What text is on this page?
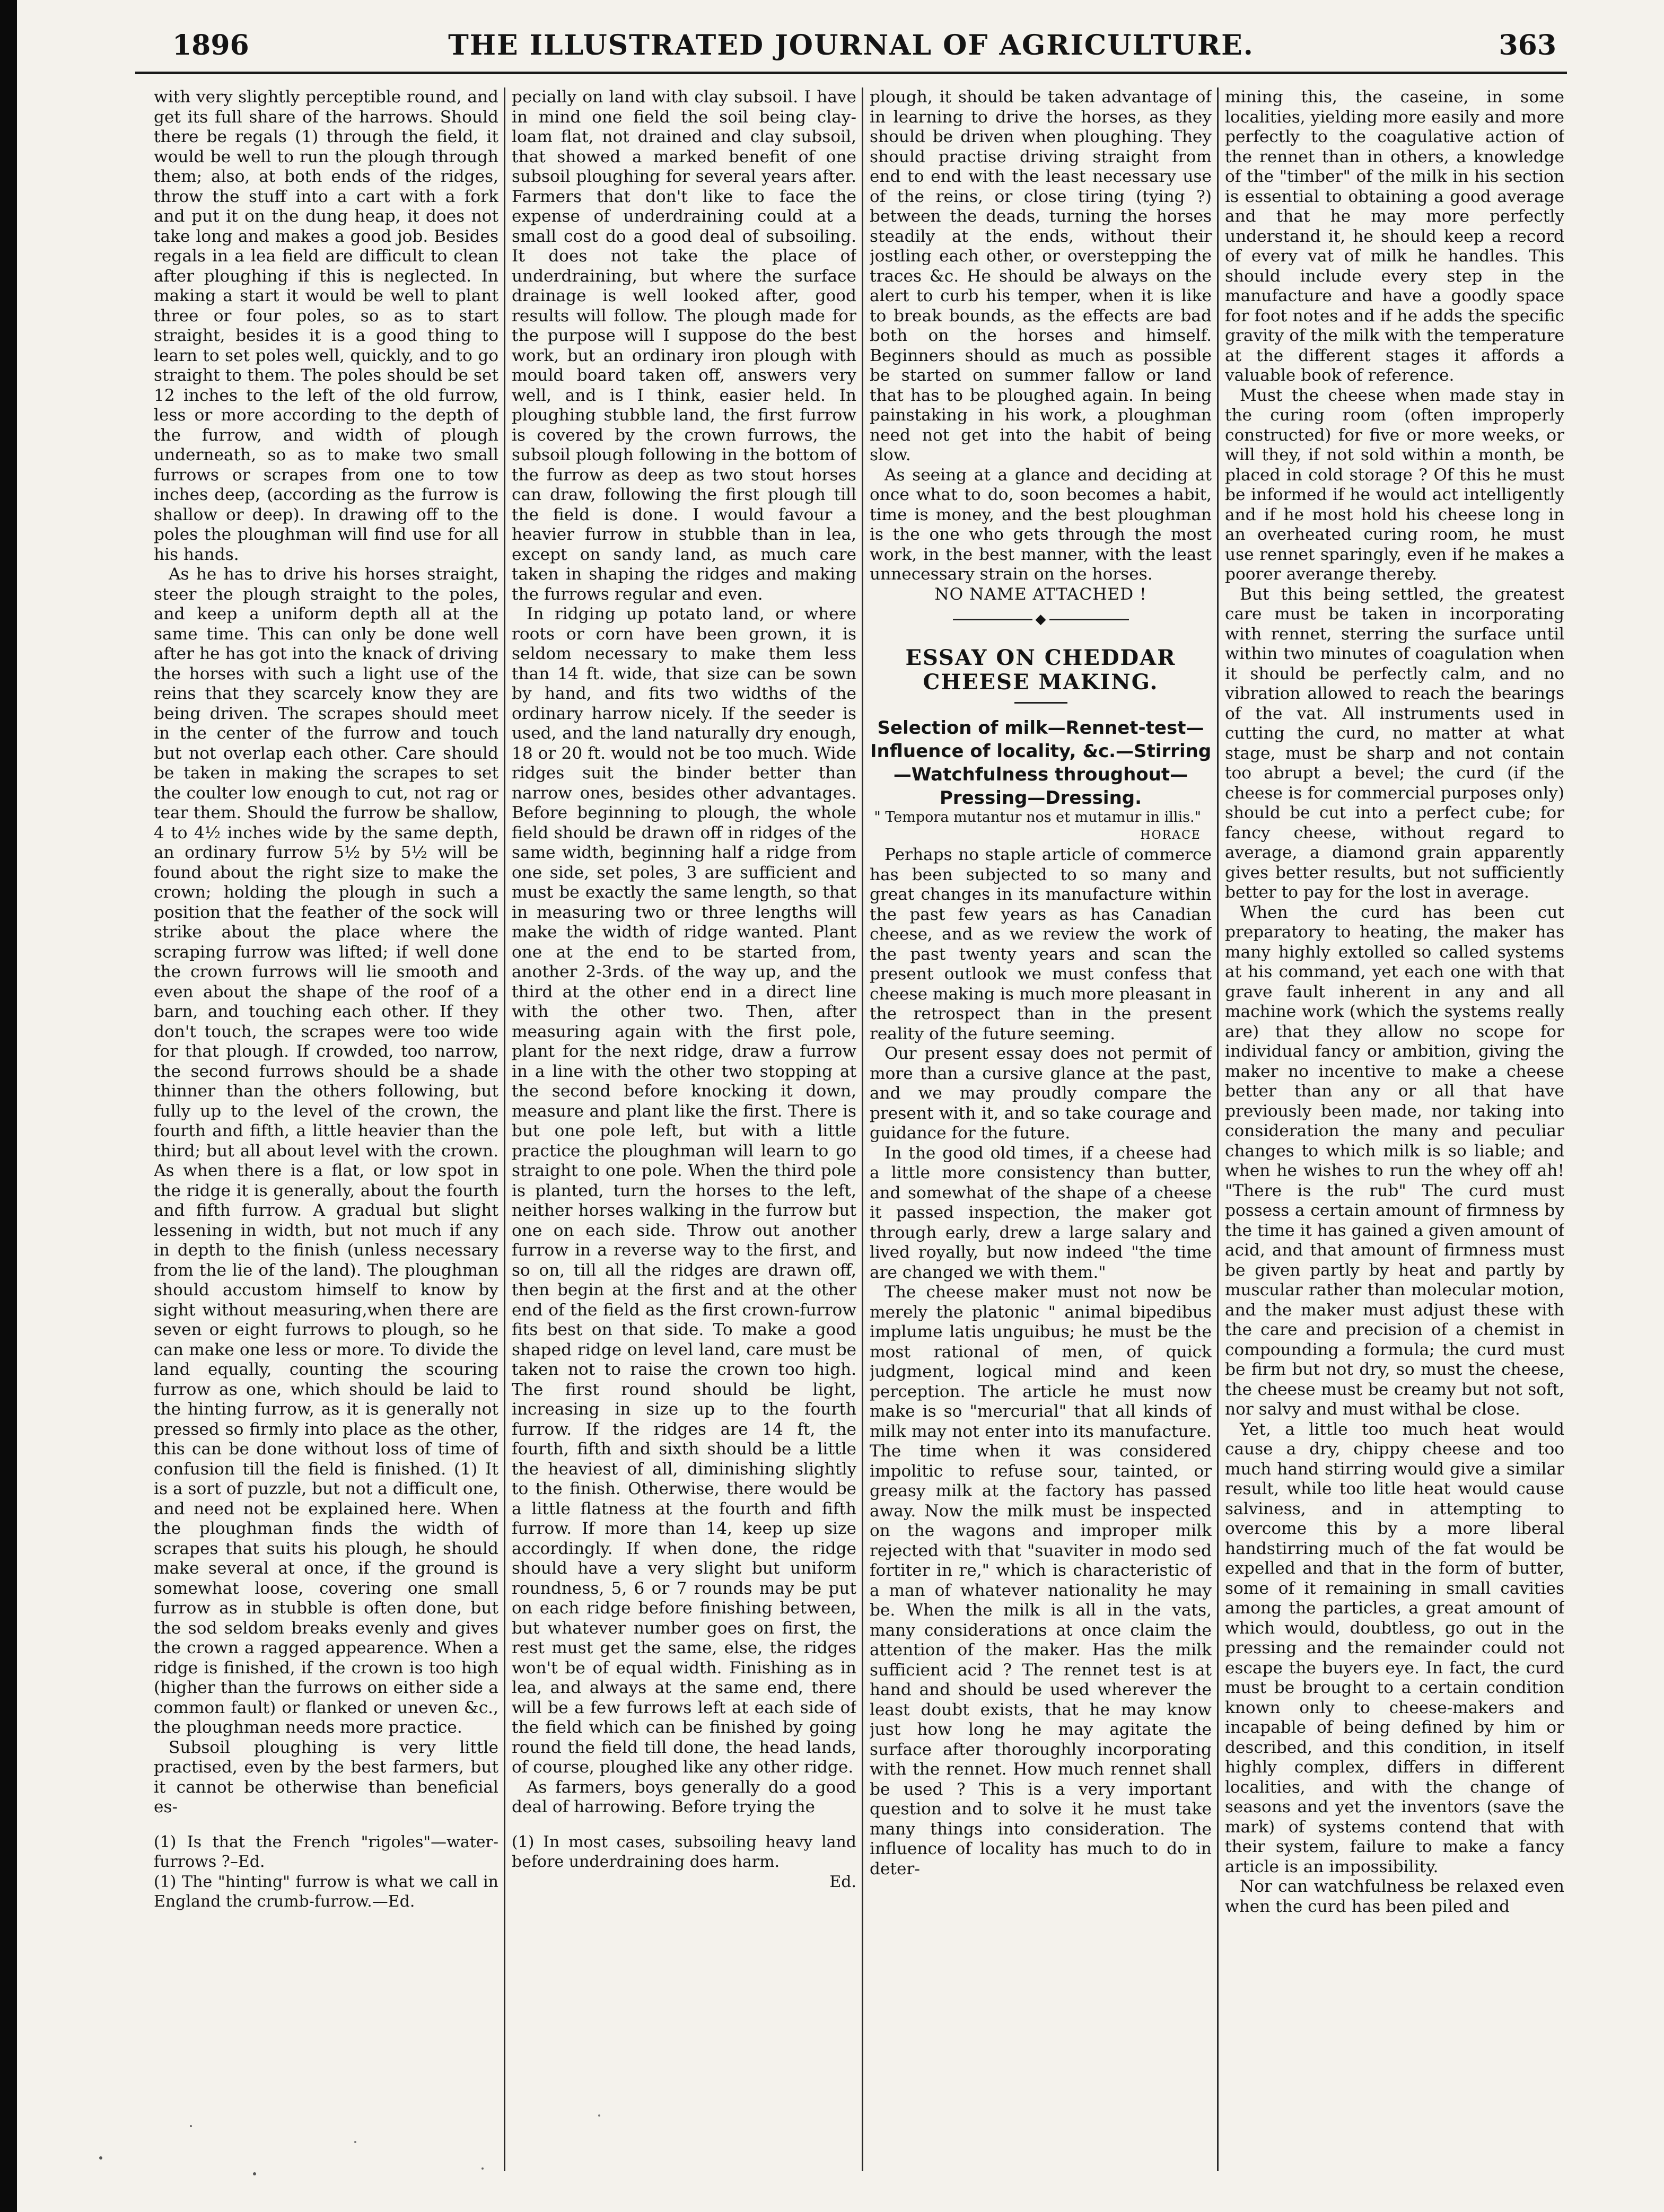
1896	THE ILLUSTRATED JOURNAL OF AGRICULTURE.	363

with very slightly perceptible round, and get its full share of the harrows. Should there be regals (1) through the field, it would be well to run the plough through them; also, at both ends of the ridges, throw the stuff into a cart with a fork and put it on the dung heap, it does not take long and makes a good job. Besides regals in a lea field are difficult to clean after ploughing if this is neglected. In making a start it would be well to plant three or four poles, so as to start straight, besides it is a good thing to learn to set poles well, quickly, and to go straight to them. The poles should be set 12 inches to the left of the old furrow, less or more according to the depth of the furrow, and width of plough underneath, so as to make two small furrows or scrapes from one to tow inches deep, (according as the furrow is shallow or deep). In drawing off to the poles the ploughman will find use for all his hands.

As he has to drive his horses straight, steer the plough straight to the poles, and keep a uniform depth all at the same time. This can only be done well after he has got into the knack of driving the horses with such a light use of the reins that they scarcely know they are being driven. The scrapes should meet in the center of the furrow and touch but not overlap each other. Care should be taken in making the scrapes to set the coulter low enough to cut, not rag or tear them. Should the furrow be shallow, 4 to 4½ inches wide by the same depth, an ordinary furrow 5½ by 5½ will be found about the right size to make the crown; holding the plough in such a position that the feather of the sock will strike about the place where the scraping furrow was lifted; if well done the crown furrows will lie smooth and even about the shape of the roof of a barn, and touching each other. If they don't touch, the scrapes were too wide for that plough. If crowded, too narrow, the second furrows should be a shade thinner than the others following, but fully up to the level of the crown, the fourth and fifth, a little heavier than the third; but all about level with the crown. As when there is a flat, or low spot in the ridge it is generally, about the fourth and fifth furrow. A gradual but slight lessening in width, but not much if any in depth to the finish (unless necessary from the lie of the land). The ploughman should accustom himself to know by sight without measuring,when there are seven or eight furrows to plough, so he can make one less or more. To divide the land equally, counting the scouring furrow as one, which should be laid to the hinting furrow, as it is generally not pressed so firmly into place as the other, this can be done without loss of time of confusion till the field is finished. (1) It is a sort of puzzle, but not a difficult one, and need not be explained here. When the ploughman finds the width of scrapes that suits his plough, he should make several at once, if the ground is somewhat loose, covering one small furrow as in stubble is often done, but the sod seldom breaks evenly and gives the crown a ragged appearence. When a ridge is finished, if the crown is too high (higher than the furrows on either side a common fault) or flanked or uneven &c., the ploughman needs more practice.

Subsoil ploughing is very little practised, even by the best farmers, but it cannot be otherwise than beneficial es-

(1) Is that the French "rigoles"—water-furrows ?–Ed.

(1) The "hinting" furrow is what we call in England the crumb-furrow.—Ed.

pecially on land with clay subsoil. I have in mind one field the soil being clay-loam flat, not drained and clay subsoil, that showed a marked benefit of one subsoil ploughing for several years after. Farmers that don't like to face the expense of underdraining could at a small cost do a good deal of subsoiling. It does not take the place of underdraining, but where the surface drainage is well looked after, good results will follow. The plough made for the purpose will I suppose do the best work, but an ordinary iron plough with mould board taken off, answers very well, and is I think, easier held. In ploughing stubble land, the first furrow is covered by the crown furrows, the subsoil plough following in the bottom of the furrow as deep as two stout horses can draw, following the first plough till the field is done. I would favour a heavier furrow in stubble than in lea, except on sandy land, as much care taken in shaping the ridges and making the furrows regular and even.

In ridging up potato land, or where roots or corn have been grown, it is seldom necessary to make them less than 14 ft. wide, that size can be sown by hand, and fits two widths of the ordinary harrow nicely. If the seeder is used, and the land naturally dry enough, 18 or 20 ft. would not be too much. Wide ridges suit the binder better than narrow ones, besides other advantages. Before beginning to plough, the whole field should be drawn off in ridges of the same width, beginning half a ridge from one side, set poles, 3 are sufficient and must be exactly the same length, so that in measuring two or three lengths will make the width of ridge wanted. Plant one at the end to be started from, another 2-3rds. of the way up, and the third at the other end in a direct line with the other two. Then, after measuring again with the first pole, plant for the next ridge, draw a furrow in a line with the other two stopping at the second before knocking it down, measure and plant like the first. There is but one pole left, but with a little practice the ploughman will learn to go straight to one pole. When the third pole is planted, turn the horses to the left, neither horses walking in the furrow but one on each side. Throw out another furrow in a reverse way to the first, and so on, till all the ridges are drawn off, then begin at the first and at the other end of the field as the first crown-furrow fits best on that side. To make a good shaped ridge on level land, care must be taken not to raise the crown too high. The first round should be light, increasing in size up to the fourth furrow. If the ridges are 14 ft, the fourth, fifth and sixth should be a little the heaviest of all, diminishing slightly to the finish. Otherwise, there would be a little flatness at the fourth and fifth furrow. If more than 14, keep up size accordingly. If when done, the ridge should have a very slight but uniform roundness, 5, 6 or 7 rounds may be put on each ridge before finishing between, but whatever number goes on first, the rest must get the same, else, the ridges won't be of equal width. Finishing as in lea, and always at the same end, there will be a few furrows left at each side of the field which can be finished by going round the field till done, the head lands, of course, ploughed like any other ridge.

As farmers, boys generally do a good deal of harrowing. Before trying the

(1) In most cases, subsoiling heavy land before underdraining does harm.

Ed.

plough, it should be taken advantage of in learning to drive the horses, as they should be driven when ploughing. They should practise driving straight from end to end with the least necessary use of the reins, or close tiring (tying ?) between the deads, turning the horses steadily at the ends, without their jostling each other, or overstepping the traces &c. He should be always on the alert to curb his temper, when it is like to break bounds, as the effects are bad both on the horses and himself. Beginners should as much as possible be started on summer fallow or land that has to be ploughed again. In being painstaking in his work, a ploughman need not get into the habit of being slow.

As seeing at a glance and deciding at once what to do, soon becomes a habit, time is money, and the best ploughman is the one who gets through the most work, in the best manner, with the least unnecessary strain on the horses.

NO NAME ATTACHED !

◆

ESSAY ON CHEDDAR CHEESE MAKING.

Selection of milk—Rennet-test—Influence of locality, &c.—Stirring—Watchfulness throughout—Pressing—Dressing.

" Tempora mutantur nos et mutamur in illis."

HORACE

Perhaps no staple article of commerce has been subjected to so many and great changes in its manufacture within the past few years as has Canadian cheese, and as we review the work of the past twenty years and scan the present outlook we must confess that cheese making is much more pleasant in the retrospect than in the present reality of the future seeming.

Our present essay does not permit of more than a cursive glance at the past, and we may proudly compare the present with it, and so take courage and guidance for the future.

In the good old times, if a cheese had a little more consistency than butter, and somewhat of the shape of a cheese it passed inspection, the maker got through early, drew a large salary and lived royally, but now indeed "the time are changed we with them."

The cheese maker must not now be merely the platonic " animal bipedibus implume latis unguibus; he must be the most rational of men, of quick judgment, logical mind and keen perception. The article he must now make is so "mercurial" that all kinds of milk may not enter into its manufacture. The time when it was considered impolitic to refuse sour, tainted, or greasy milk at the factory has passed away. Now the milk must be inspected on the wagons and improper milk rejected with that "suaviter in modo sed fortiter in re," which is characteristic of a man of whatever nationality he may be. When the milk is all in the vats, many considerations at once claim the attention of the maker. Has the milk sufficient acid ? The rennet test is at hand and should be used wherever the least doubt exists, that he may know just how long he may agitate the surface after thoroughly incorporating with the rennet. How much rennet shall be used ? This is a very important question and to solve it he must take many things into consideration. The influence of locality has much to do in deter-

mining this, the caseine, in some localities, yielding more easily and more perfectly to the coagulative action of the rennet than in others, a knowledge of the "timber" of the milk in his section is essential to obtaining a good average and that he may more perfectly understand it, he should keep a record of every vat of milk he handles. This should include every step in the manufacture and have a goodly space for foot notes and if he adds the specific gravity of the milk with the temperature at the different stages it affords a valuable book of reference.

Must the cheese when made stay in the curing room (often improperly constructed) for five or more weeks, or will they, if not sold within a month, be placed in cold storage ? Of this he must be informed if he would act intelligently and if he most hold his cheese long in an overheated curing room, he must use rennet sparingly, even if he makes a poorer averange thereby.

But this being settled, the greatest care must be taken in incorporating with rennet, sterring the surface until within two minutes of coagulation when it should be perfectly calm, and no vibration allowed to reach the bearings of the vat. All instruments used in cutting the curd, no matter at what stage, must be sharp and not contain too abrupt a bevel; the curd (if the cheese is for commercial purposes only) should be cut into a perfect cube; for fancy cheese, without regard to average, a diamond grain apparently gives better results, but not sufficiently better to pay for the lost in average.

When the curd has been cut preparatory to heating, the maker has many highly extolled so called systems at his command, yet each one with that grave fault inherent in any and all machine work (which the systems really are) that they allow no scope for individual fancy or ambition, giving the maker no incentive to make a cheese better than any or all that have previously been made, nor taking into consideration the many and peculiar changes to which milk is so liable; and when he wishes to run the whey off ah! "There is the rub" The curd must possess a certain amount of firmness by the time it has gained a given amount of acid, and that amount of firmness must be given partly by heat and partly by muscular rather than molecular motion, and the maker must adjust these with the care and precision of a chemist in compounding a formula; the curd must be firm but not dry, so must the cheese, the cheese must be creamy but not soft, nor salvy and must withal be close.

Yet, a little too much heat would cause a dry, chippy cheese and too much hand stirring would give a similar result, while too litle heat would cause salviness, and in attempting to overcome this by a more liberal handstirring much of the fat would be expelled and that in the form of butter, some of it remaining in small cavities among the particles, a great amount of which would, doubtless, go out in the pressing and the remainder could not escape the buyers eye. In fact, the curd must be brought to a certain condition known only to cheese-makers and incapable of being defined by him or described, and this condition, in itself highly complex, differs in different localities, and with the change of seasons and yet the inventors (save the mark) of systems contend that with their system, failure to make a fancy article is an impossibility.

Nor can watchfulness be relaxed even when the curd has been piled and
